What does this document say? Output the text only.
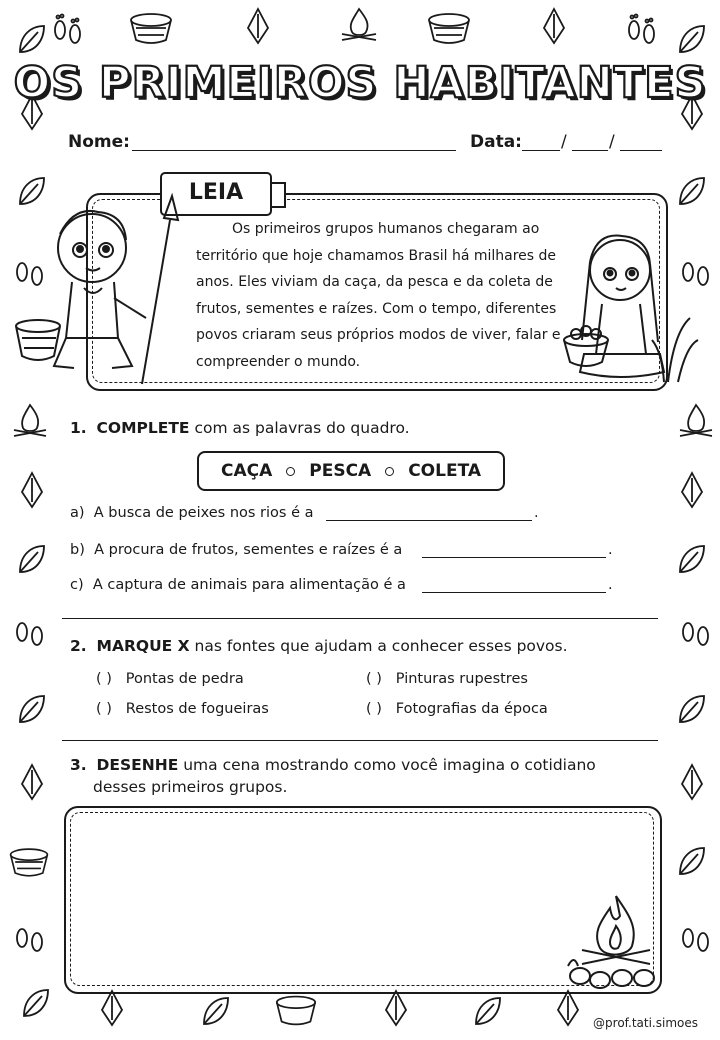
OS PRIMEIROS HABITANTES
Nome:	Data: / /
LEIA
Os primeiros grupos humanos chegaram ao território que hoje chamamos Brasil há milhares de anos. Eles viviam da caça, da pesca e da coleta de frutos, sementes e raízes. Com o tempo, diferentes povos criaram seus próprios modos de viver, falar e compreender o mundo.
1. COMPLETE com as palavras do quadro.
CAÇA PESCA COLETA
a) A busca de peixes nos rios é a	.
b) A procura de frutos, sementes e raízes é a	.
c) A captura de animais para alimentação é a	.
2. MARQUE X nas fontes que ajudam a conhecer esses povos.
( ) Pontas de pedra	( ) Pinturas rupestres
( ) Restos de fogueiras	( ) Fotografias da época
3. DESENHE uma cena mostrando como você imagina o cotidiano
desses primeiros grupos.
@prof.tati.simoes
